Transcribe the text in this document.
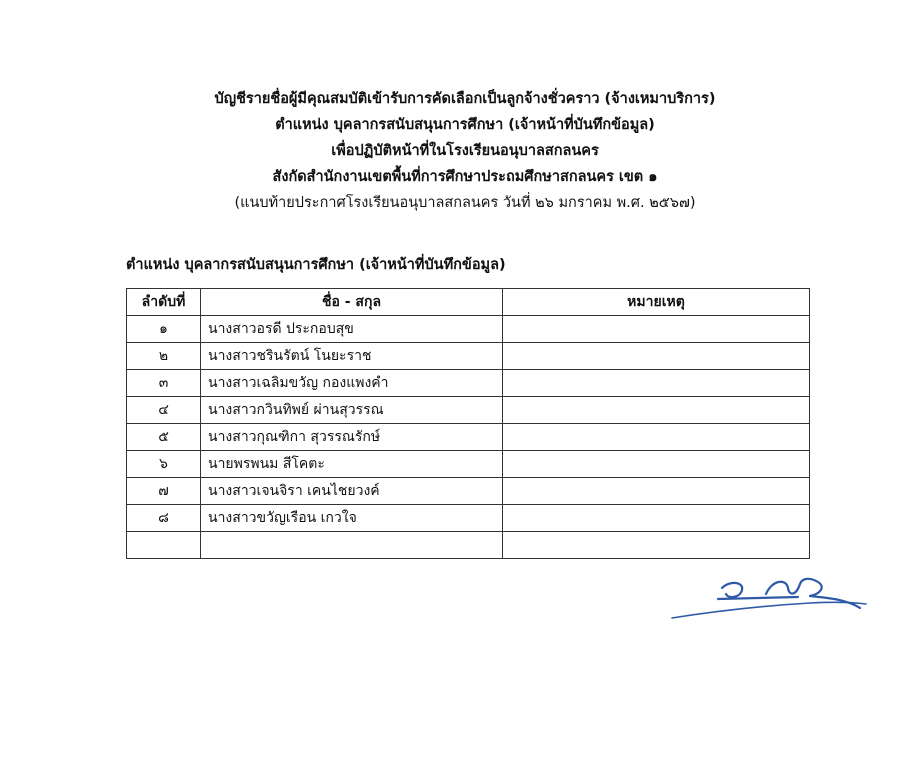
บัญชีรายชื่อผู้มีคุณสมบัติเข้ารับการคัดเลือกเป็นลูกจ้างชั่วคราว (จ้างเหมาบริการ)
ตำแหน่ง บุคลากรสนับสนุนการศึกษา (เจ้าหน้าที่บันทึกข้อมูล)
เพื่อปฏิบัติหน้าที่ในโรงเรียนอนุบาลสกลนคร
สังกัดสำนักงานเขตพื้นที่การศึกษาประถมศึกษาสกลนคร เขต ๑
(แนบท้ายประกาศโรงเรียนอนุบาลสกลนคร วันที่ ๒๖ มกราคม พ.ศ. ๒๕๖๗)
ตำแหน่ง บุคลากรสนับสนุนการศึกษา (เจ้าหน้าที่บันทึกข้อมูล)
ลำดับที่	ชื่อ - สกุล	หมายเหตุ
๑	นางสาวอรดี ประกอบสุข	
๒	นางสาวชรินรัตน์ โนยะราช	
๓	นางสาวเฉลิมขวัญ กองแพงคำ	
๔	นางสาวกวินทิพย์ ผ่านสุวรรณ	
๕	นางสาวกุณฑิกา สุวรรณรักษ์	
๖	นายพรพนม สีโคตะ	
๗	นางสาวเจนจิรา เคนไชยวงค์	
๘	นางสาวขวัญเรือน เกวใจ	
